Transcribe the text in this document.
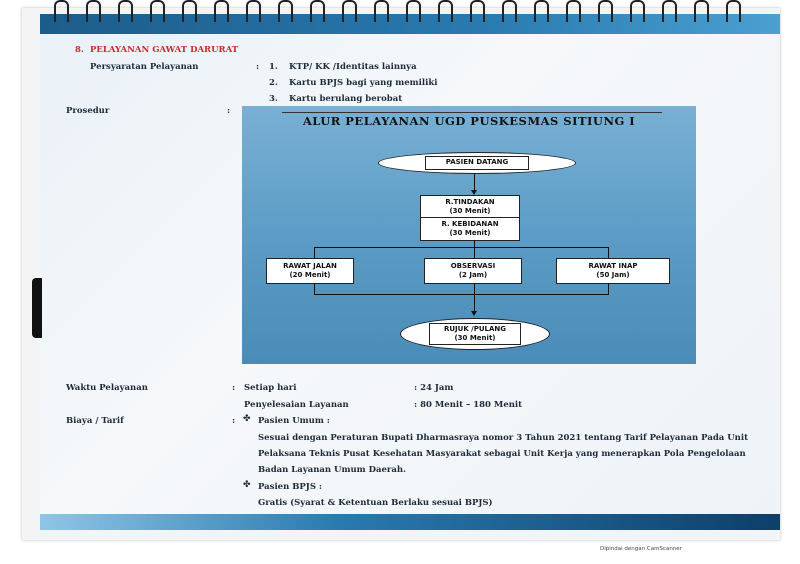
8. PELAYANAN GAWAT DARURAT
Persyaratan Pelayanan	: 1. KTP/ KK /Identitas lainnya
2. Kartu BPJS bagi yang memiliki
3. Kartu berulang berobat
Prosedur	:
ALUR PELAYANAN UGD PUSKESMAS SITIUNG I
PASIEN DATANG
R.TINDAKAN
(30 Menit)
R. KEBIDANAN
(30 Menit)
RAWAT JALAN
(20 Menit)
OBSERVASI
(2 Jam)
RAWAT INAP
(50 Jam)
RUJUK /PULANG
(30 Menit)
Waktu Pelayanan	: Setiap hari	: 24 Jam
Penyelesaian Layanan	: 80 Menit – 180 Menit
Biaya / Tarif	: ✤ Pasien Umum :
Sesuai dengan Peraturan Bupati Dharmasraya nomor 3 Tahun 2021 tentang Tarif Pelayanan Pada Unit
Pelaksana Teknis Pusat Kesehatan Masyarakat sebagai Unit Kerja yang menerapkan Pola Pengelolaan
Badan Layanan Umum Daerah.
✤ Pasien BPJS :
Gratis (Syarat & Ketentuan Berlaku sesuai BPJS)
Dipindai dengan CamScanner
